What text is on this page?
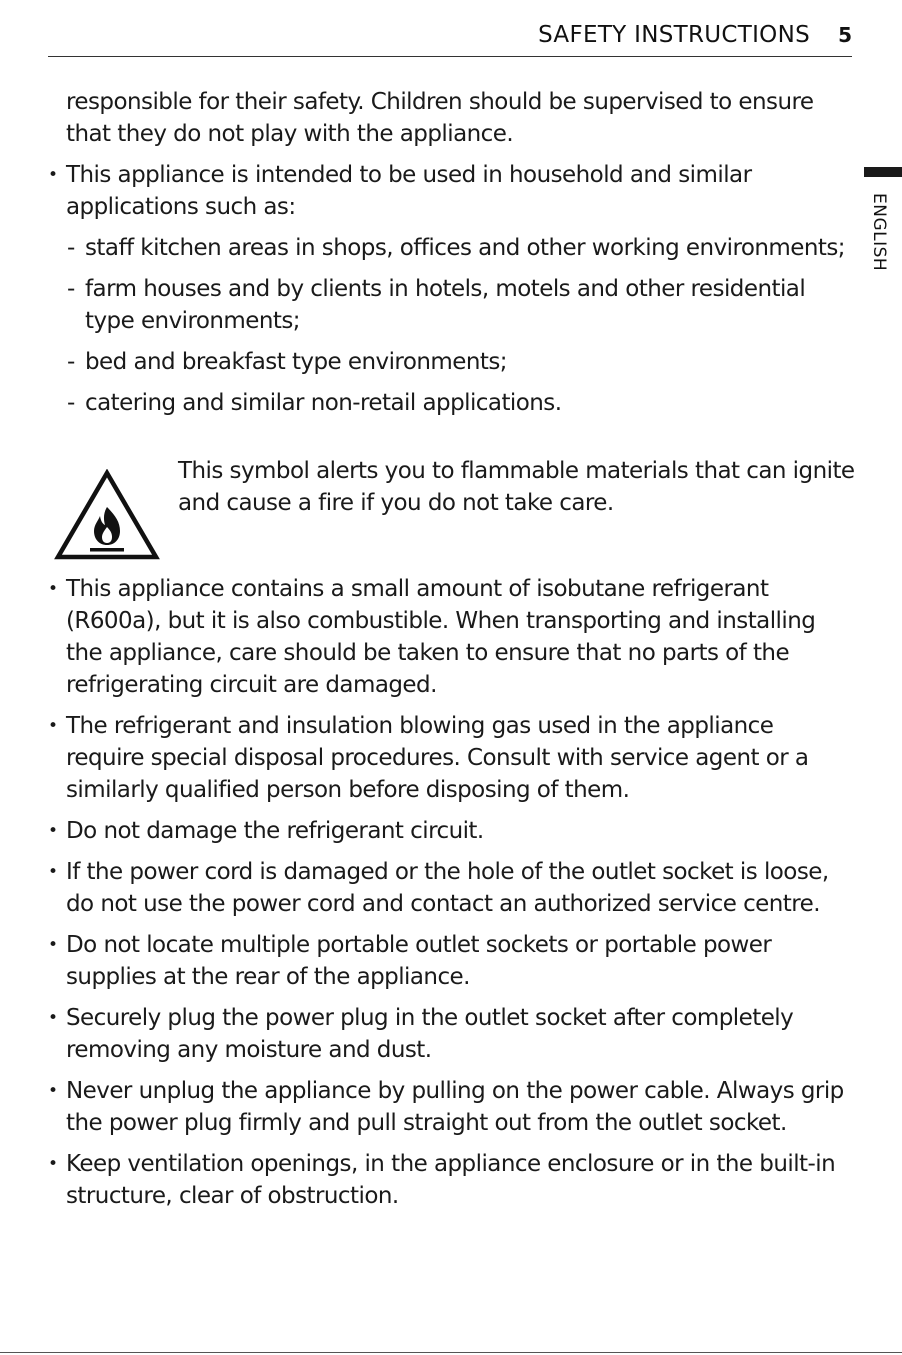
SAFETY INSTRUCTIONS 5
ENGLISH

responsible for their safety. Children should be supervised to ensure that they do not play with the appliance.

• This appliance is intended to be used in household and similar applications such as:

- staff kitchen areas in shops, offices and other working environments;

- farm houses and by clients in hotels, motels and other residential type environments;

- bed and breakfast type environments;

- catering and similar non-retail applications.

This symbol alerts you to flammable materials that can ignite and cause a fire if you do not take care.

• This appliance contains a small amount of isobutane refrigerant (R600a), but it is also combustible. When transporting and installing the appliance, care should be taken to ensure that no parts of the refrigerating circuit are damaged.

• The refrigerant and insulation blowing gas used in the appliance require special disposal procedures. Consult with service agent or a similarly qualified person before disposing of them.

• Do not damage the refrigerant circuit.

• If the power cord is damaged or the hole of the outlet socket is loose, do not use the power cord and contact an authorized service centre.

• Do not locate multiple portable outlet sockets or portable power supplies at the rear of the appliance.

• Securely plug the power plug in the outlet socket after completely removing any moisture and dust.

• Never unplug the appliance by pulling on the power cable. Always grip the power plug firmly and pull straight out from the outlet socket.

• Keep ventilation openings, in the appliance enclosure or in the built-in structure, clear of obstruction.
